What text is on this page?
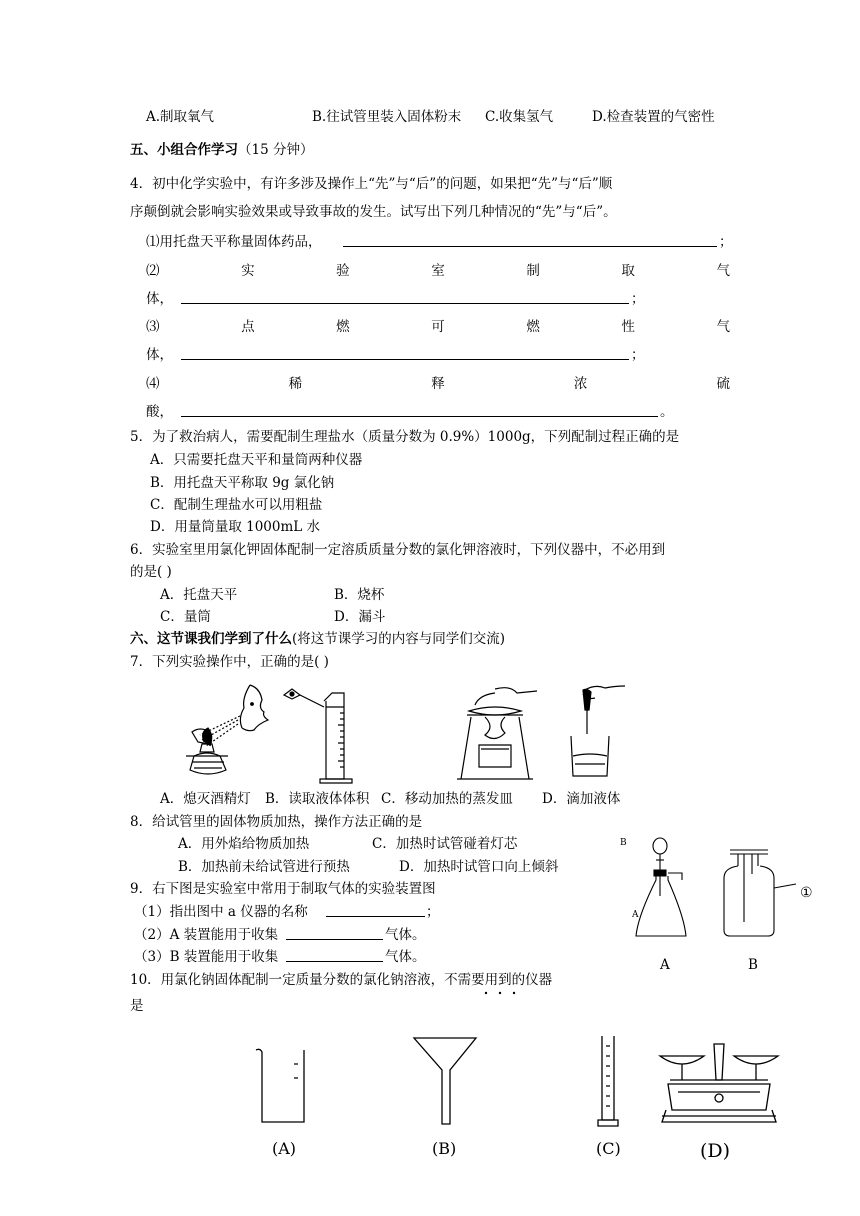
A.制取氧气	B.往试管里装入固体粉末 C.收集氢气	D.检查装置的气密性
五、小组合作学习（15 分钟）
4．初中化学实验中，有许多涉及操作上“先”与“后”的问题，如果把“先”与“后”顺
序颠倒就会影响实验效果或导致事故的发生。试写出下列几种情况的“先”与“后”。
⑴用托盘天平称量固体药品，	；
⑵	实	验	室	制	取	气
体，	；
⑶	点	燃	可	燃	性	气
体，	；
⑷	稀	释	浓	硫
酸，	。
5．为了救治病人，需要配制生理盐水（质量分数为 0.9%）1000g，下列配制过程正确的是
A．只需要托盘天平和量筒两种仪器
B．用托盘天平称取 9g 氯化钠
C．配制生理盐水可以用粗盐
D．用量筒量取 1000mL 水
6．实验室里用氯化钾固体配制一定溶质质量分数的氯化钾溶液时，下列仪器中，不必用到
的是( )
A．托盘天平	B．烧杯
C．量筒	D．漏斗
六、这节课我们学到了什么(将这节课学习的内容与同学们交流)
7．下列实验操作中，正确的是( )
A．熄灭酒精灯 B．读取液体体积 C．移动加热的蒸发皿 D．滴加液体
8．给试管里的固体物质加热，操作方法正确的是
A．用外焰给物质加热	C．加热时试管碰着灯芯
B．加热前未给试管进行预热	D．加热时试管口向上倾斜
9．右下图是实验室中常用于制取气体的实验装置图
（1）指出图中 a 仪器的名称	；
（2）A 装置能用于收集	气体。
（3）B 装置能用于收集	气体。
B
A
①
A	B
10．用氯化钠固体配制一定质量分数的氯化钠溶液，不需要用到的仪器
是
(A)	(B)	(C)	(D)
